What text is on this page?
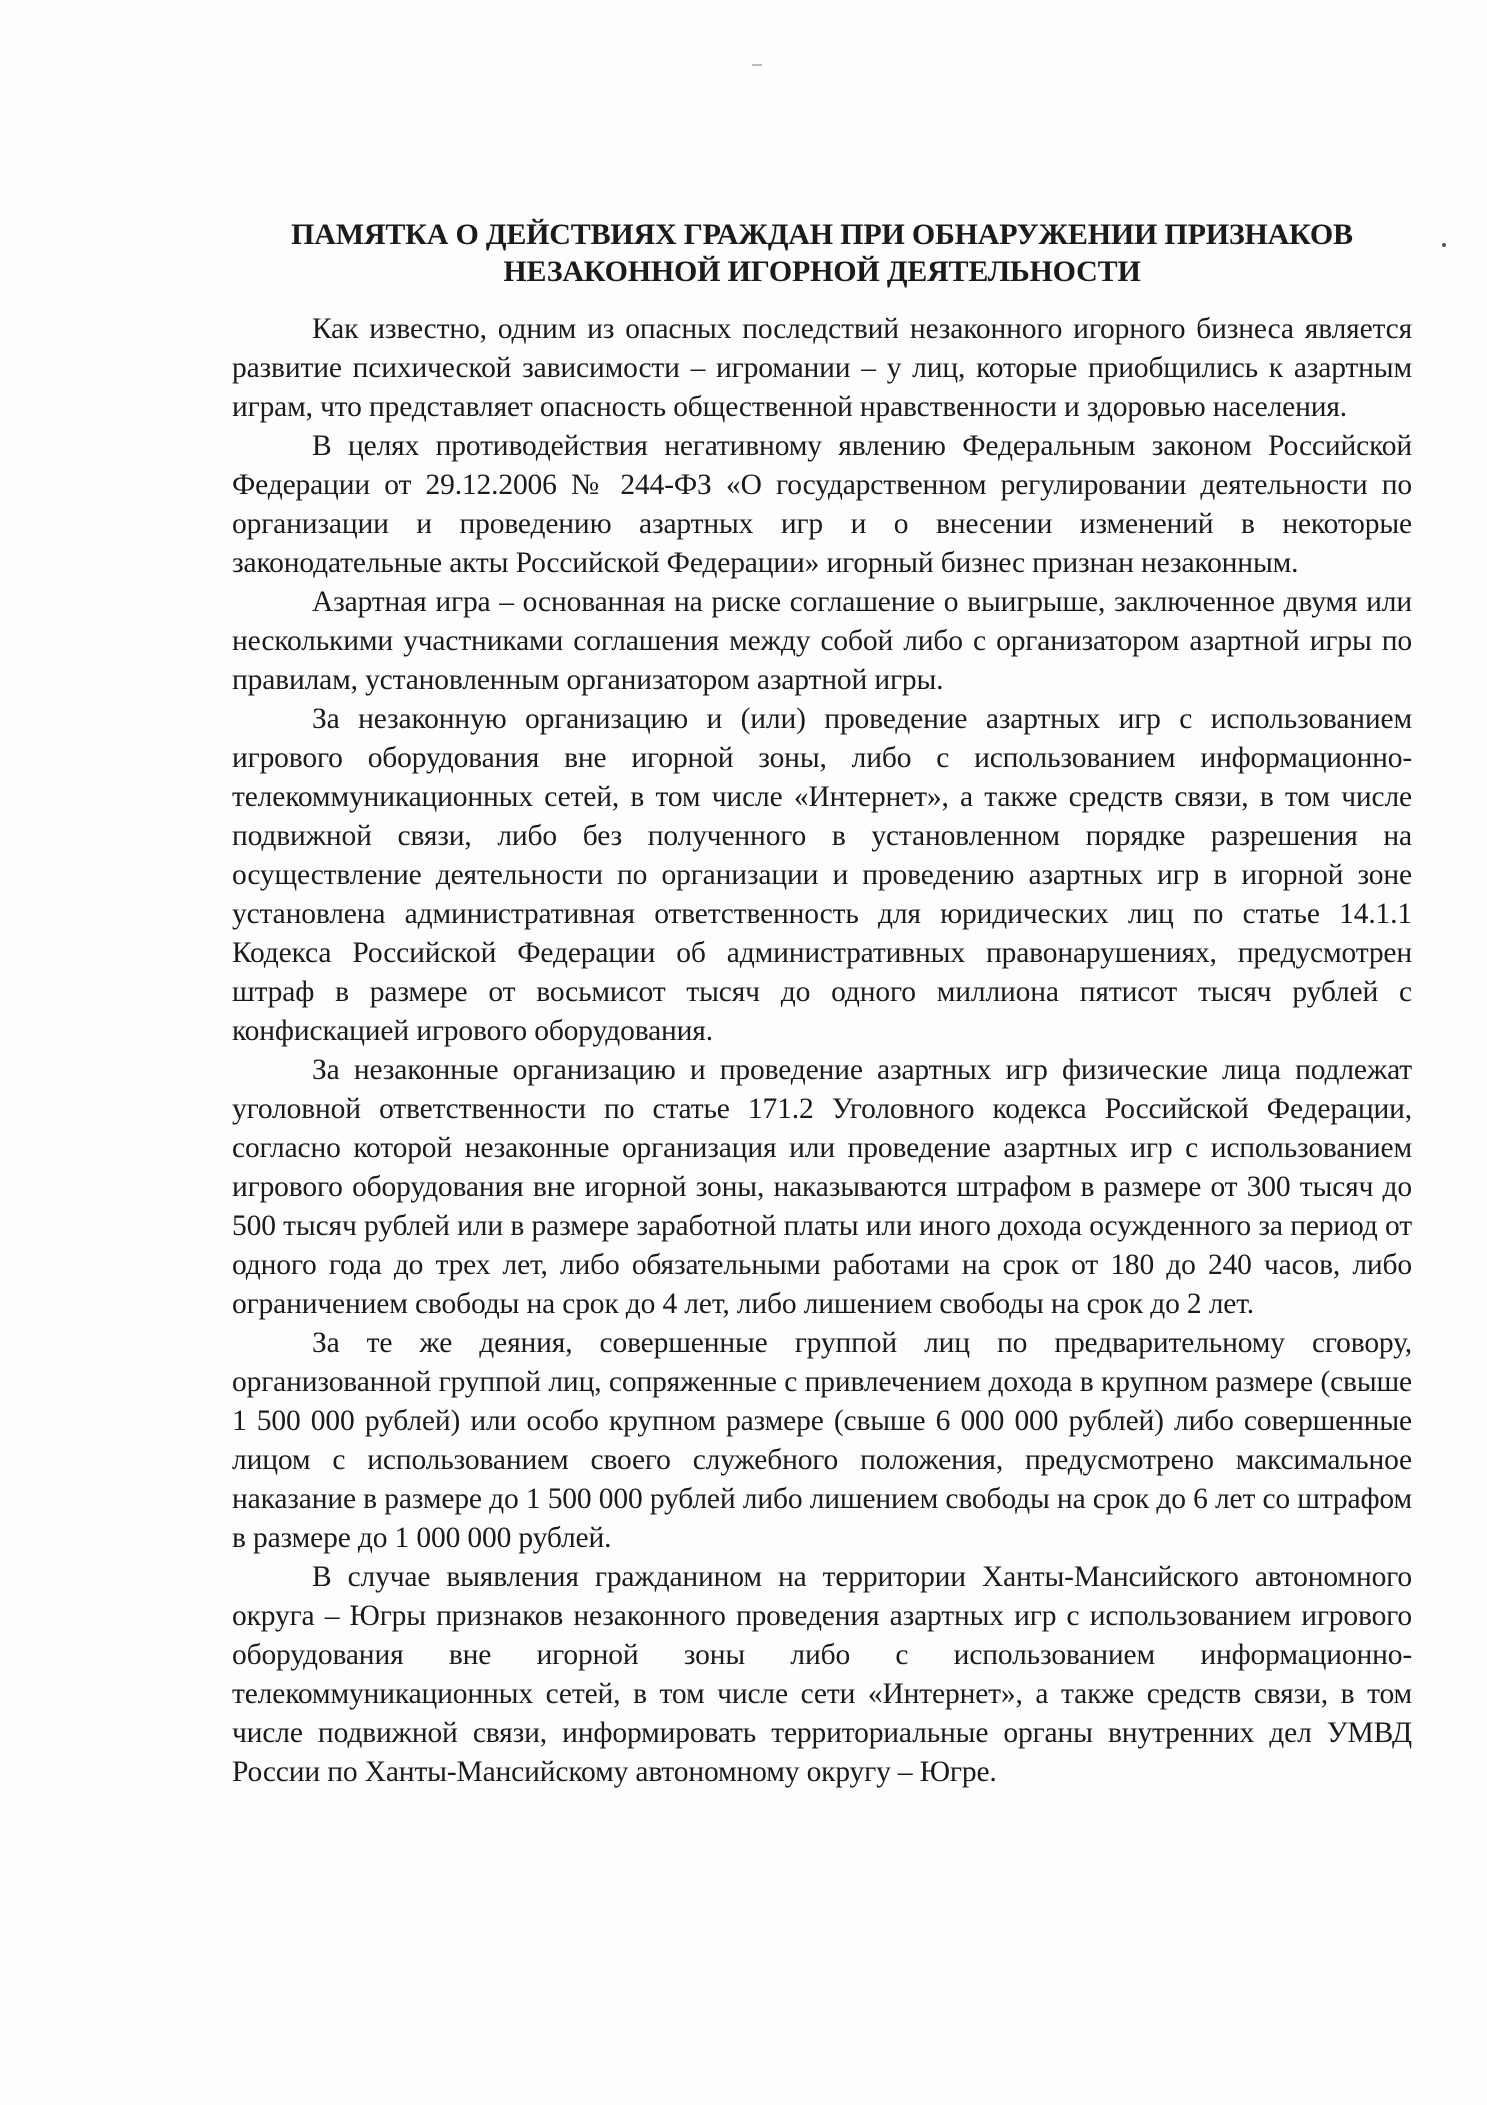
ПАМЯТКА О ДЕЙСТВИЯХ ГРАЖДАН ПРИ ОБНАРУЖЕНИИ ПРИЗНАКОВ
НЕЗАКОННОЙ ИГОРНОЙ ДЕЯТЕЛЬНОСТИ

Как известно, одним из опасных последствий незаконного игорного бизнеса является развитие психической зависимости – игромании – у лиц, которые приобщились к азартным играм, что представляет опасность общественной нравственности и здоровью населения.

В целях противодействия негативному явлению Федеральным законом Российской Федерации от 29.12.2006 № 244-ФЗ «О государственном регулировании деятельности по организации и проведению азартных игр и о внесении изменений в некоторые законодательные акты Российской Федерации» игорный бизнес признан незаконным.

Азартная игра – основанная на риске соглашение о выигрыше, заключенное двумя или несколькими участниками соглашения между собой либо с организатором азартной игры по правилам, установленным организатором азартной игры.

За незаконную организацию и (или) проведение азартных игр с использованием игрового оборудования вне игорной зоны, либо с использованием информационно-телекоммуникационных сетей, в том числе «Интернет», а также средств связи, в том числе подвижной связи, либо без полученного в установленном порядке разрешения на осуществление деятельности по организации и проведению азартных игр в игорной зоне установлена административная ответственность для юридических лиц по статье 14.1.1 Кодекса Российской Федерации об административных правонарушениях, предусмотрен штраф в размере от восьмисот тысяч до одного миллиона пятисот тысяч рублей с конфискацией игрового оборудования.

За незаконные организацию и проведение азартных игр физические лица подлежат уголовной ответственности по статье 171.2 Уголовного кодекса Российской Федерации, согласно которой незаконные организация или проведение азартных игр с использованием игрового оборудования вне игорной зоны, наказываются штрафом в размере от 300 тысяч до 500 тысяч рублей или в размере заработной платы или иного дохода осужденного за период от одного года до трех лет, либо обязательными работами на срок от 180 до 240 часов, либо ограничением свободы на срок до 4 лет, либо лишением свободы на срок до 2 лет.

За те же деяния, совершенные группой лиц по предварительному сговору, организованной группой лиц, сопряженные с привлечением дохода в крупном размере (свыше 1 500 000 рублей) или особо крупном размере (свыше 6 000 000 рублей) либо совершенные лицом с использованием своего служебного положения, предусмотрено максимальное наказание в размере до 1 500 000 рублей либо лишением свободы на срок до 6 лет со штрафом в размере до 1 000 000 рублей.

В случае выявления гражданином на территории Ханты-Мансийского автономного округа – Югры признаков незаконного проведения азартных игр с использованием игрового оборудования вне игорной зоны либо с использованием информационно-телекоммуникационных сетей, в том числе сети «Интернет», а также средств связи, в том числе подвижной связи, информировать территориальные органы внутренних дел УМВД России по Ханты-Мансийскому автономному округу – Югре.
